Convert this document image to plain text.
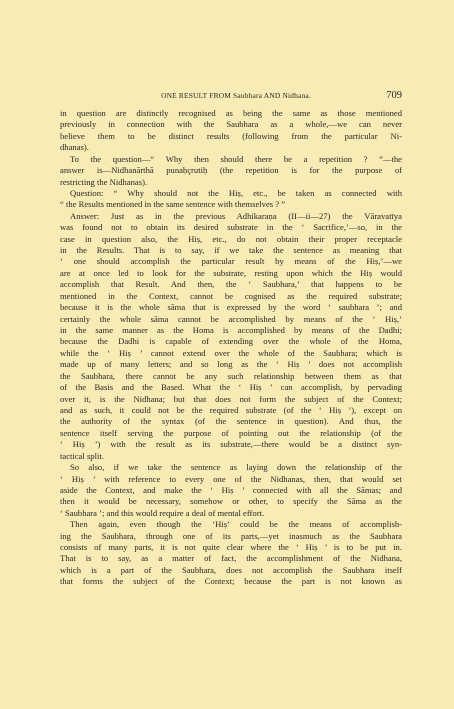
ONE RESULT FROM Saubhara AND Nidhana.	709
in question are distinctly recognised as being the same as those mentioned
previously in connection with the Saubhara as a whole,—we can never
believe them to be distinct results (following from the particular Ni-
dhanas).
To the question—“ Why then should there be a repetition ? ”—the
answer is—Nidhanārthā punaḥçrutiḥ (the repetition is for the purpose of
restricting the Nidhanas).
Question: “ Why should not the Hiṣ, etc., be taken as connected with
“ the Results mentioned in the same sentence with themselves ? ”
Answer: Just as in the previous Adhikaraṇa (II—ii—27) the Vāravatīya
was found not to obtain its desired substrate in the ‘ Sacrifice,’—so, in the
case in question also, the Hiṣ, etc., do not obtain their proper receptacle
in the Results. That is to say, if we take the sentence as meaning that
‘ one should accomplish the particular result by means of the Hiṣ,’—we
are at once led to look for the substrate, resting upon which the Hiṣ would
accomplish that Result. And then, the ‘ Saubhara,’ that happens to be
mentioned in the Context, cannot be cognised as the required substrate;
because it is the whole sāma that is expressed by the word ‘ saubhara ’; and
certainly the whole sāma cannot be accomplished by means of the ‘ Hiṣ,’
in the same manner as the Homa is accomplished by means of the Dadhi;
because the Dadhi is capable of extending over the whole of the Homa,
while the ‘ Hiṣ ’ cannot extend over the whole of the Saubhara; which is
made up of many letters; and so long as the ‘ Hiṣ ’ does not accomplish
the Saubhara, there cannot be any such relationship between them as that
of the Basis and the Based. What the ‘ Hiṣ ’ can accomplish, by pervading
over it, is the Nidhana; but that does not form the subject of the Context;
and as such, it could not be the required substrate (of the ‘ Hiṣ ’), except on
the authority of the syntax (of the sentence in question). And thus, the
sentence itself serving the purpose of pointing out the relationship (of the
‘ Hiṣ ’) with the result as its substrate,—there would be a distinct syn-
tactical split.
So also, if we take the sentence as laying down the relationship of the
‘ Hiṣ ’ with reference to every one of the Nidhanas, then, that would set
aside the Context, and make the ‘ Hiṣ ’ connected with all the Sāmas; and
then it would be necessary, somehow or other, to specify the Sāma as the
‘ Saubhara ’; and this would require a deal of mental effort.
Then again, even though the ‘Hiṣ’ could be the means of accomplish-
ing the Saubhara, through one of its parts,—yet inasmuch as the Saubhara
consists of many parts, it is not quite clear where the ‘ Hiṣ ’ is to be put in.
That is to say, as a matter of fact, the accomplishment of the Nidhana,
which is a part of the Saubhara, does not accomplish the Saubhara itself
that forms the subject of the Context; because the part is not known as
